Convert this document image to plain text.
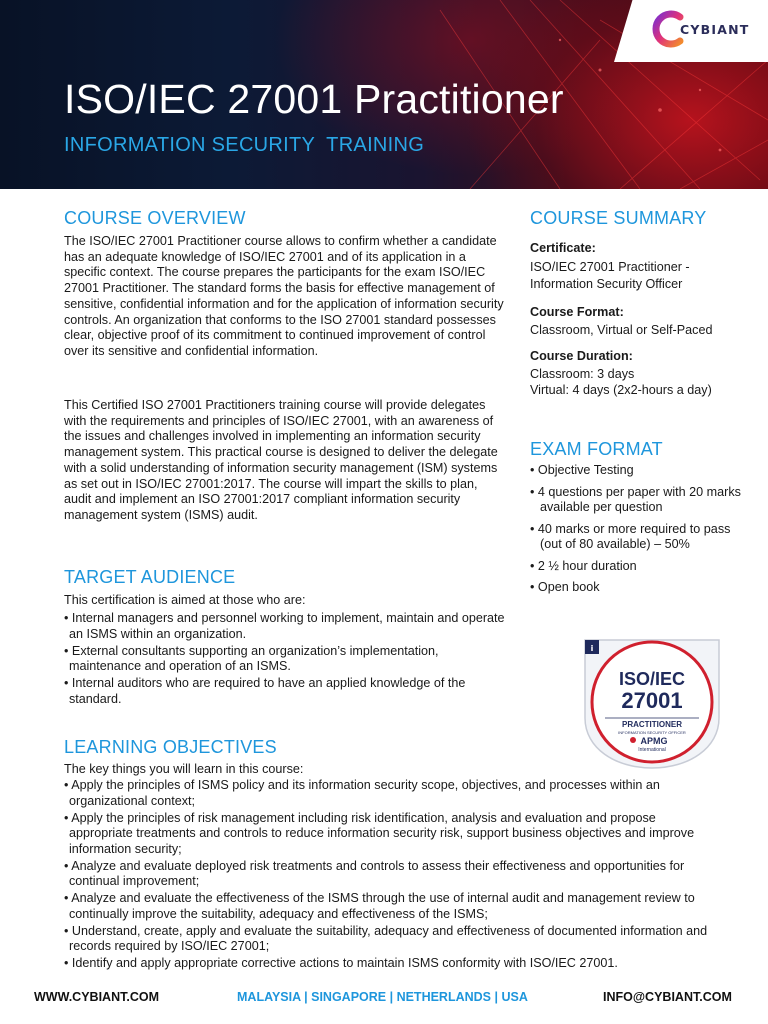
CYBIANT
ISO/IEC 27001 Practitioner
INFORMATION SECURITY  TRAINING
COURSE OVERVIEW

The ISO/IEC 27001 Practitioner course allows to confirm whether a candidate has an adequate knowledge of ISO/IEC 27001 and of its application in a specific context. The course prepares the participants for the exam ISO/IEC 27001 Practitioner. The standard forms the basis for effective management of sensitive, confidential information and for the application of information security controls. An organization that conforms to the ISO 27001 standard possesses clear, objective proof of its commitment to continued improvement of control over its sensitive and confidential information.

This Certified ISO 27001 Practitioners training course will provide delegates with the requirements and principles of ISO/IEC 27001, with an awareness of the issues and challenges involved in implementing an information security management system. This practical course is designed to deliver the delegate with a solid understanding of information security management (ISM) systems as set out in ISO/IEC 27001:2017. The course will impart the skills to plan, audit and implement an ISO 27001:2017 compliant information security management system (ISMS) audit.

TARGET AUDIENCE

This certification is aimed at those who are:

• Internal managers and personnel working to implement, maintain and operate an ISMS within an organization.
• External consultants supporting an organization’s implementation, maintenance and operation of an ISMS.
• Internal auditors who are required to have an applied knowledge of the standard.
LEARNING OBJECTIVES

The key things you will learn in this course:

• Apply the principles of ISMS policy and its information security scope, objectives, and processes within an organizational context;
• Apply the principles of risk management including risk identification, analysis and evaluation and propose appropriate treatments and controls to reduce information security risk, support business objectives and improve information security;
• Analyze and evaluate deployed risk treatments and controls to assess their effectiveness and opportunities for continual improvement;
• Analyze and evaluate the effectiveness of the ISMS through the use of internal audit and management review to continually improve the suitability, adequacy and effectiveness of the ISMS;
• Understand, create, apply and evaluate the suitability, adequacy and effectiveness of documented information and records required by ISO/IEC 27001;
• Identify and apply appropriate corrective actions to maintain ISMS conformity with ISO/IEC 27001.
COURSE SUMMARY
Certificate:
ISO/IEC 27001 Practitioner - Information Security Officer
Course Format:
Classroom, Virtual or Self-Paced
Course Duration:
Classroom: 3 days
Virtual: 4 days (2x2-hours a day)
EXAM FORMAT
• Objective Testing
• 4 questions per paper with 20 marks available per question
• 40 marks or more required to pass (out of 80 available) – 50%
• 2 ½ hour duration
• Open book
i
ISO/IEC
27001
PRACTITIONER
INFORMATION SECURITY OFFICER
APMG
International
WWW.CYBIANT.COM	MALAYSIA | SINGAPORE | NETHERLANDS | USA	INFO@CYBIANT.COM
